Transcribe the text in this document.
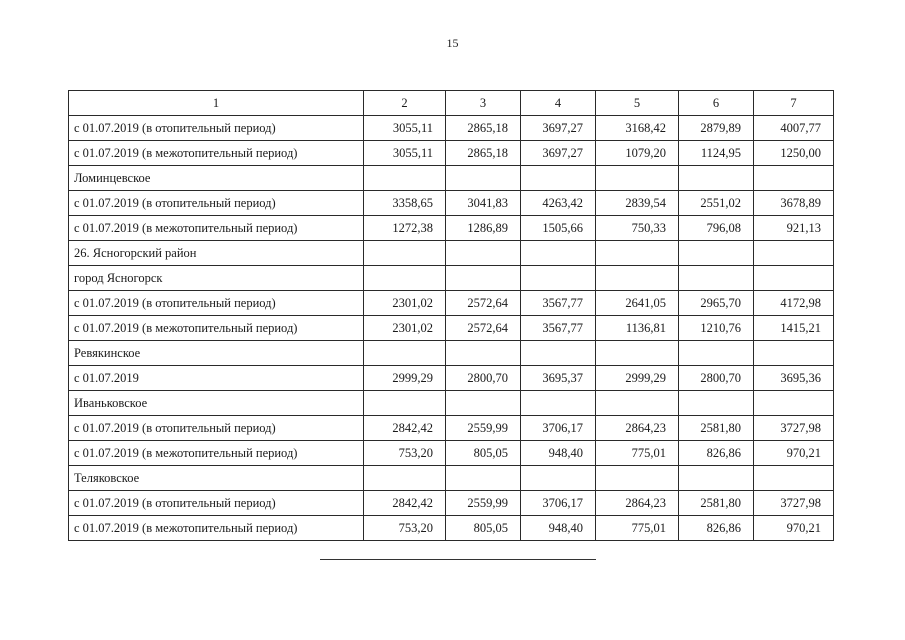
15
1	2	3	4	5	6	7
с 01.07.2019 (в отопительный период)	3055,11	2865,18	3697,27	3168,42	2879,89	4007,77
с 01.07.2019 (в межотопительный период)	3055,11	2865,18	3697,27	1079,20	1124,95	1250,00
Ломинцевское						
с 01.07.2019 (в отопительный период)	3358,65	3041,83	4263,42	2839,54	2551,02	3678,89
с 01.07.2019 (в межотопительный период)	1272,38	1286,89	1505,66	750,33	796,08	921,13
26. Ясногорский район						
город Ясногорск						
с 01.07.2019 (в отопительный период)	2301,02	2572,64	3567,77	2641,05	2965,70	4172,98
с 01.07.2019 (в межотопительный период)	2301,02	2572,64	3567,77	1136,81	1210,76	1415,21
Ревякинское						
с 01.07.2019	2999,29	2800,70	3695,37	2999,29	2800,70	3695,36
Иваньковское						
с 01.07.2019 (в отопительный период)	2842,42	2559,99	3706,17	2864,23	2581,80	3727,98
с 01.07.2019 (в межотопительный период)	753,20	805,05	948,40	775,01	826,86	970,21
Теляковское						
с 01.07.2019 (в отопительный период)	2842,42	2559,99	3706,17	2864,23	2581,80	3727,98
с 01.07.2019 (в межотопительный период)	753,20	805,05	948,40	775,01	826,86	970,21
